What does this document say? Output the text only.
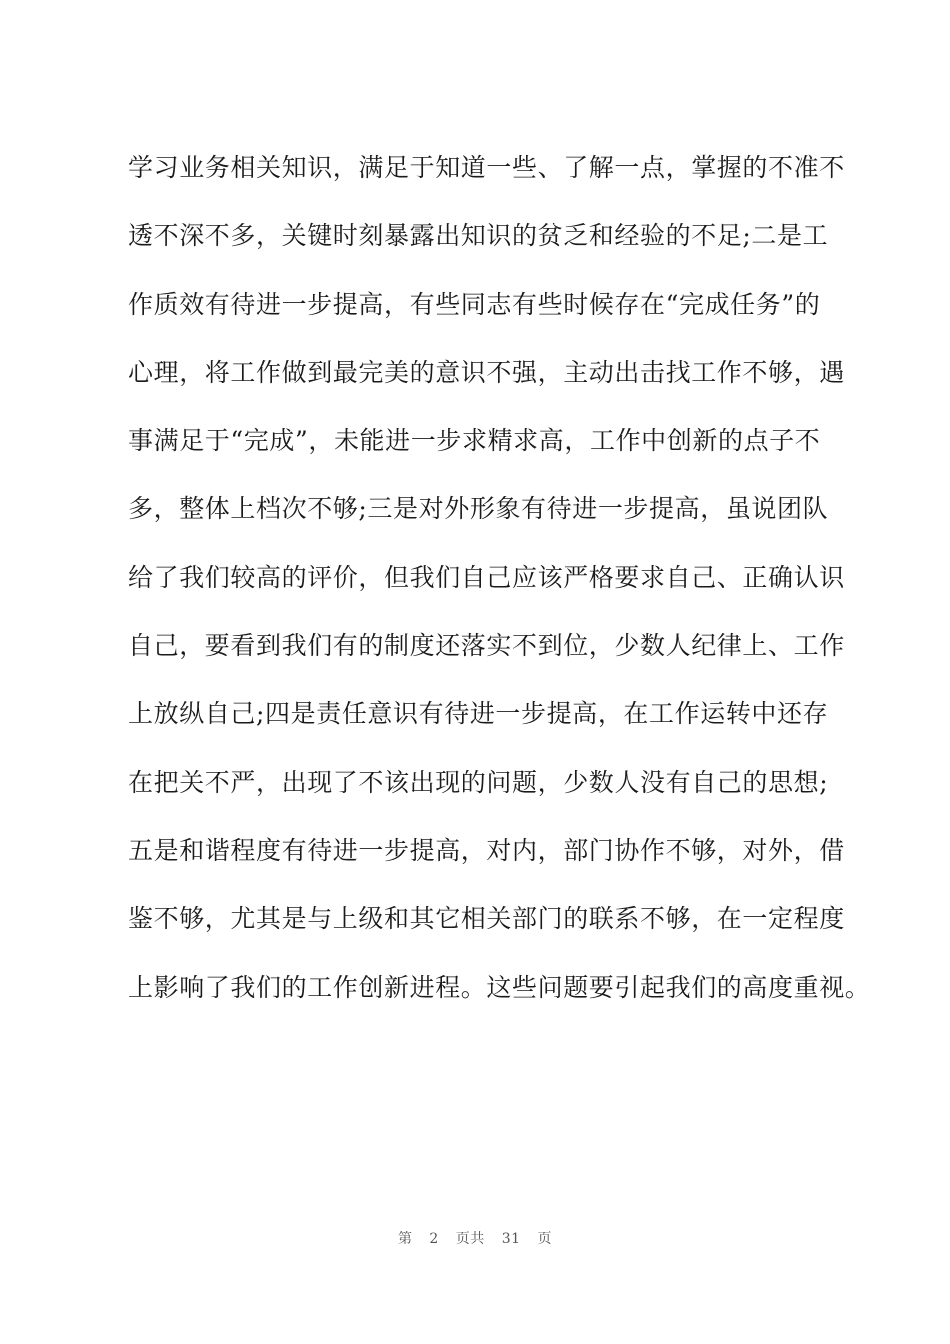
学习业务相关知识，满足于知道一些、了解一点，掌握的不准不
透不深不多，关键时刻暴露出知识的贫乏和经验的不足;二是工
作质效有待进一步提高，有些同志有些时候存在“完成任务”的
心理，将工作做到最完美的意识不强，主动出击找工作不够，遇
事满足于“完成”，未能进一步求精求高，工作中创新的点子不
多，整体上档次不够;三是对外形象有待进一步提高，虽说团队
给了我们较高的评价，但我们自己应该严格要求自己、正确认识
自己，要看到我们有的制度还落实不到位，少数人纪律上、工作
上放纵自己;四是责任意识有待进一步提高，在工作运转中还存
在把关不严，出现了不该出现的问题，少数人没有自己的思想;
五是和谐程度有待进一步提高，对内，部门协作不够，对外，借
鉴不够，尤其是与上级和其它相关部门的联系不够，在一定程度
上影响了我们的工作创新进程。这些问题要引起我们的高度重视。
第 2 页共 31 页
